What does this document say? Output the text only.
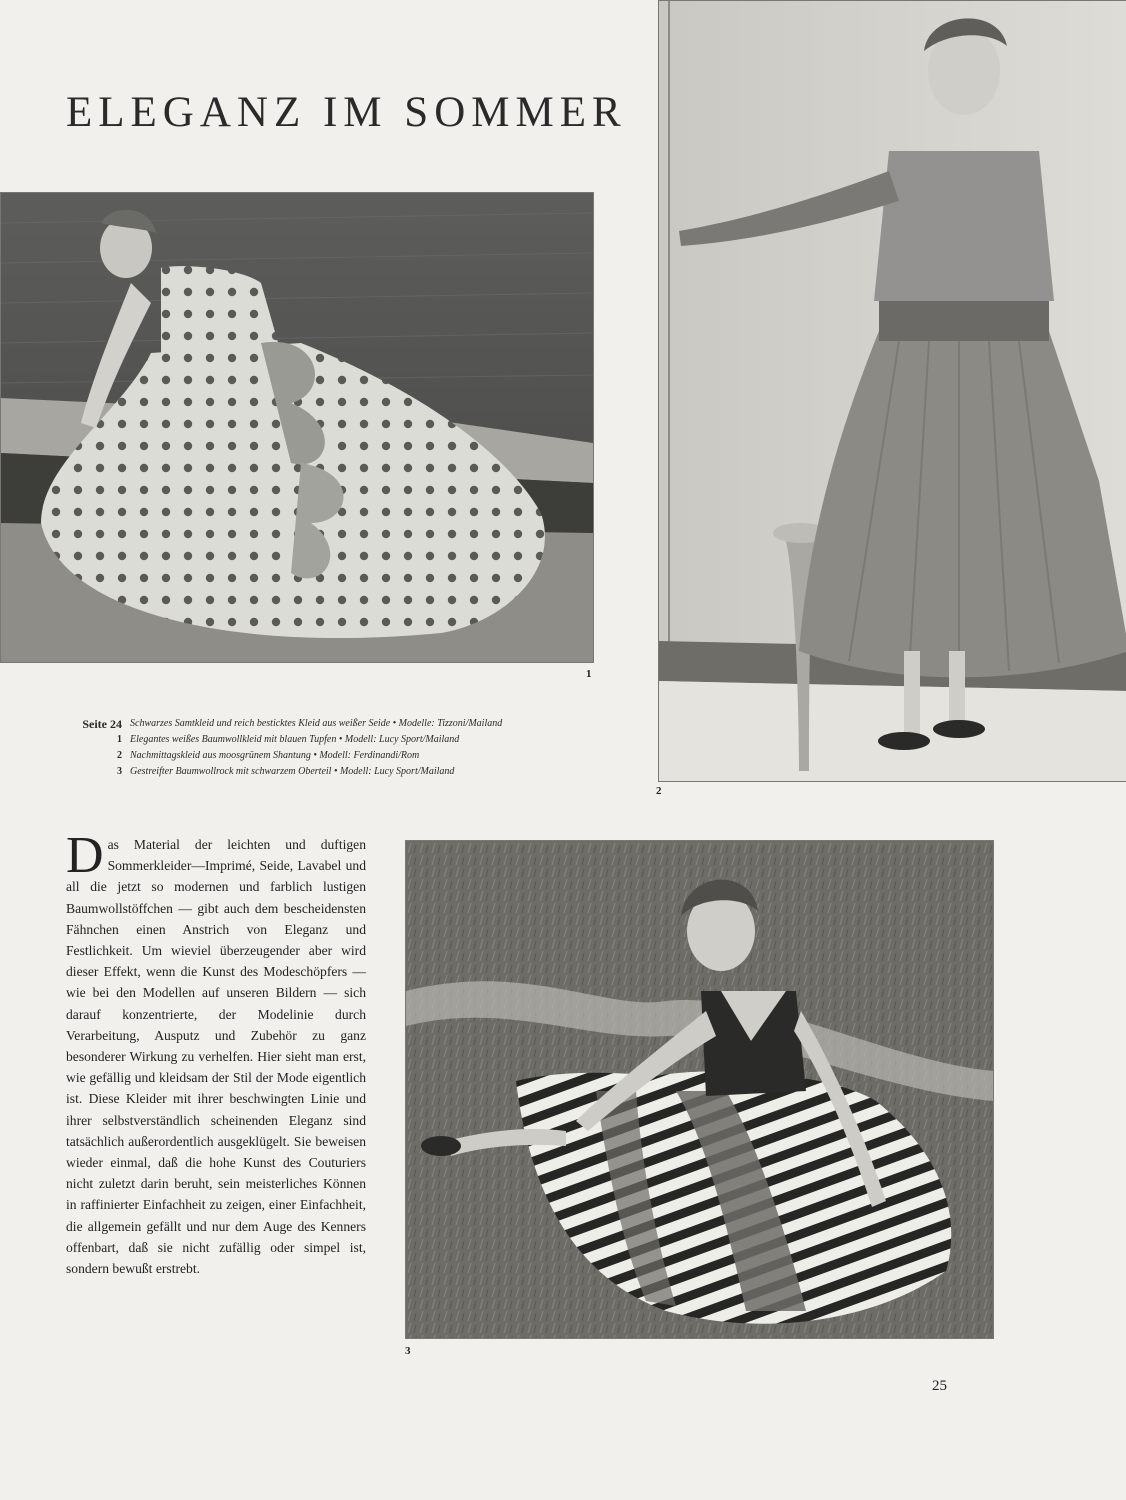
ELEGANZ IM SOMMER
1
2
Seite 24 Schwarzes Samtkleid und reich besticktes Kleid aus weißer Seide • Modelle: Tizzoni/Mailand
1 Elegantes weißes Baumwollkleid mit blauen Tupfen • Modell: Lucy Sport/Mailand
2 Nachmittagskleid aus moosgrünem Shantung • Modell: Ferdinandi/Rom
3 Gestreifter Baumwollrock mit schwarzem Oberteil • Modell: Lucy Sport/Mailand

Das Material der leichten und duftigen Sommerkleider—Imprimé, Seide, Lavabel und all die jetzt so modernen und farblich lustigen Baumwollstöffchen — gibt auch dem bescheidensten Fähnchen einen Anstrich von Eleganz und Festlichkeit. Um wieviel überzeugender aber wird dieser Effekt, wenn die Kunst des Modeschöpfers — wie bei den Modellen auf unseren Bildern — sich darauf konzentrierte, der Modelinie durch Verarbeitung, Ausputz und Zubehör zu ganz besonderer Wirkung zu verhelfen. Hier sieht man erst, wie gefällig und kleidsam der Stil der Mode eigentlich ist. Diese Kleider mit ihrer beschwingten Linie und ihrer selbstverständlich scheinenden Eleganz sind tatsächlich außerordentlich ausgeklügelt. Sie beweisen wieder einmal, daß die hohe Kunst des Couturiers nicht zuletzt darin beruht, sein meisterliches Können in raffinierter Einfachheit zu zeigen, einer Einfachheit, die allgemein gefällt und nur dem Auge des Kenners offenbart, daß sie nicht zufällig oder simpel ist, sondern bewußt erstrebt.

3
25
